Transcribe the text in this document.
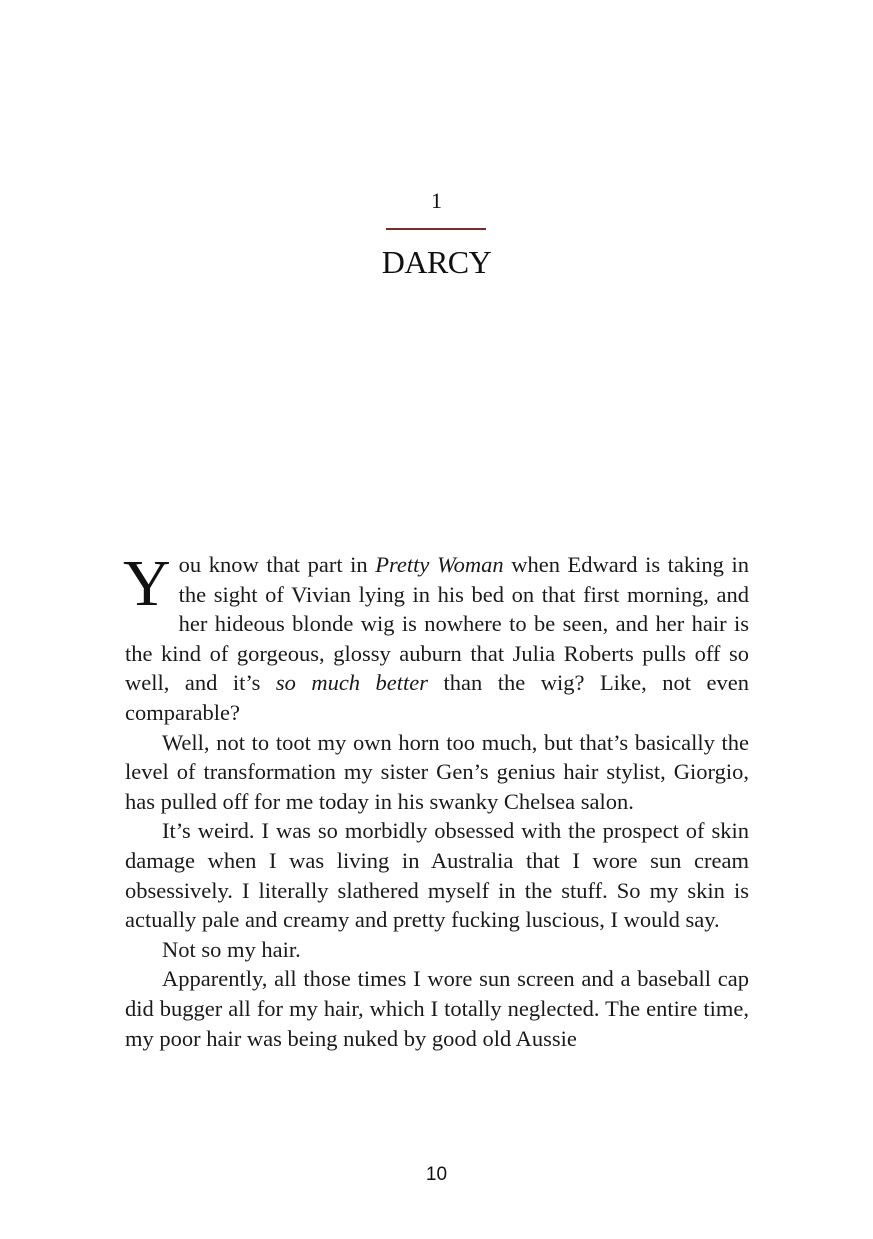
1
DARCY

You know that part in Pretty Woman when Edward is taking in the sight of Vivian lying in his bed on that first morning, and her hideous blonde wig is nowhere to be seen, and her hair is the kind of gorgeous, glossy auburn that Julia Roberts pulls off so well, and it’s so much better than the wig? Like, not even comparable?

Well, not to toot my own horn too much, but that’s basically the level of transformation my sister Gen’s genius hair stylist, Giorgio, has pulled off for me today in his swanky Chelsea salon.

It’s weird. I was so morbidly obsessed with the prospect of skin damage when I was living in Australia that I wore sun cream obsessively. I literally slathered myself in the stuff. So my skin is actually pale and creamy and pretty fucking luscious, I would say.

Not so my hair.

Apparently, all those times I wore sun screen and a baseball cap did bugger all for my hair, which I totally neglected. The entire time, my poor hair was being nuked by good old Aussie

10
